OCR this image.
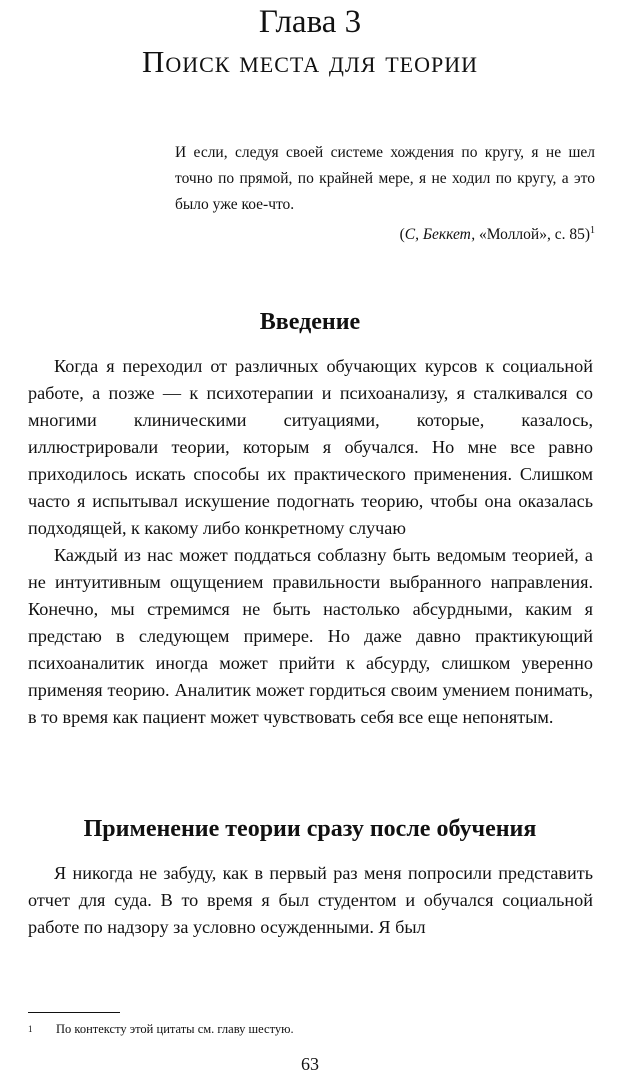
Глава 3
Поиск места для теории
И если, следуя своей системе хождения по кругу, я не шел точно по прямой, по крайней мере, я не ходил по кругу, а это было уже кое-что.
(С, Беккет, «Моллой», с. 85)$^1$
Введение

Когда я переходил от различных обучающих курсов к социальной работе, а позже — к психотерапии и психоанализу, я сталкивался со многими клиническими ситуациями, которые, казалось, иллюстрировали теории, которым я обучался. Но мне все равно приходилось искать способы их практического применения. Слишком часто я испытывал искушение подогнать теорию, чтобы она оказалась подходящей, к какому либо конкретному случаю

Каждый из нас может поддаться соблазну быть ведомым теорией, а не интуитивным ощущением правильности выбранного направления. Конечно, мы стремимся не быть настолько абсурдными, каким я предстаю в следующем примере. Но даже давно практикующий психоаналитик иногда может прийти к абсурду, слишком уверенно применяя теорию. Аналитик может гордиться своим умением понимать, в то время как пациент может чувствовать себя все еще непонятым.

Применение теории сразу после обучения

Я никогда не забуду, как в первый раз меня попросили представить отчет для суда. В то время я был студентом и обучался социальной работе по надзору за условно осужденными. Я был

1 По контексту этой цитаты см. главу шестую.
63
